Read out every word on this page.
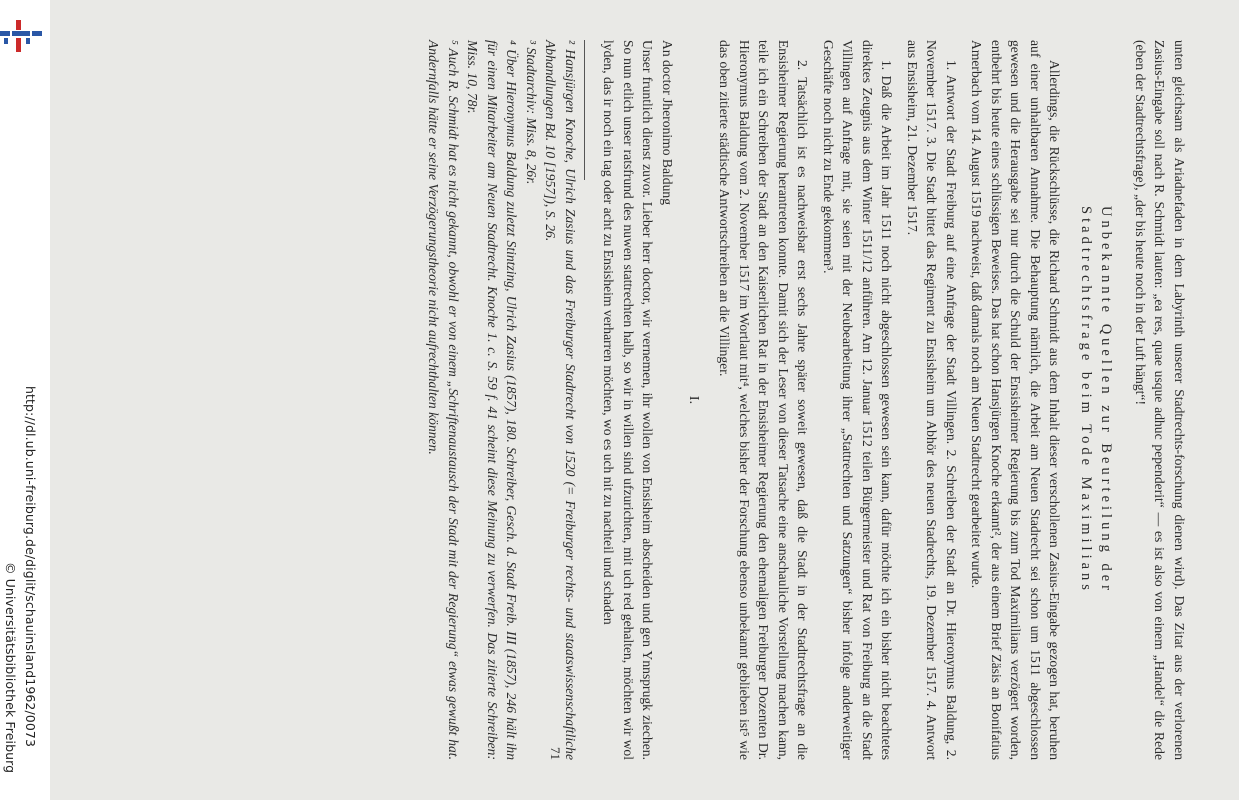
http://dl.ub.uni-freiburg.de/diglit/schauinsland1962/0073
© Universitätsbibliothek Freiburg	unten gleichsam als Ariadnefaden in dem Labyrinth unserer Stadtrechts-forschung dienen wird). Das Zitat aus der verlorenen Zasius-Eingabe soll nach R. Schmidt lauten: „ea res, quae usque adhuc pependerit“ — es ist also von einem „Handel“ die Rede (eben der Stadtrechtsfrage), „der bis heute noch in der Luft hängt“!

Unbekannte Quellen zur Beurteilung der
Stadtrechtsfrage beim Tode Maximilians

Allerdings, die Rückschlüsse, die Richard Schmidt aus dem Inhalt dieser verschollenen Zasius-Eingabe gezogen hat, beruhen auf einer unhaltbaren Annahme. Die Behauptung nämlich, die Arbeit am Neuen Stadrecht sei schon um 1511 abgeschlossen gewesen und die Herausgabe sei nur durch die Schuld der Ensisheimer Regierung bis zum Tod Maximilians verzögert worden, entbehrt bis heute eines schlüssigen Beweises. Das hat schon Hansjürgen Knoche erkannt², der aus einem Brief Zäsis an Bonifatius Amerbach vom 14. August 1519 nachweist, daß damals noch am Neuen Stadtrecht gearbeitet wurde.

1. Antwort der Stadt Freiburg auf eine Anfrage der Stadt Villingen. 2. Schreiben der Stadt an Dr. Hieronymus Baldung, 2. November 1517. 3. Die Stadt bittet das Regiment zu Ensisheim um Abhör des neuen Stadrechts, 19. Dezember 1517. 4. Antwort aus Ensisheim, 21. Dezember 1517.

1. Daß die Arbeit im Jahr 1511 noch nicht abgeschlossen gewesen sein kann, dafür möchte ich ein bisher nicht beachtetes direktes Zeugnis aus dem Winter 1511/12 anführen. Am 12. Januar 1512 teilen Bürgermeister und Rat von Freiburg an die Stadt Villingen auf Anfrage mit, sie seien mit der Neubearbeitung ihrer „Stattrechten und Satzungen“ bisher infolge anderweitiger Geschäfte noch nicht zu Ende gekommen³.

2. Tatsächlich ist es nachweisbar erst sechs Jahre später soweit gewesen, daß die Stadt in der Stadtrechtsfrage an die Ensisheimer Regierung herantreten konnte. Damit sich der Leser von dieser Tatsache eine anschauliche Vorstellung machen kann, teile ich ein Schreiben der Stadt an den Kaiserlichen Rat in der Ensisheimer Regierung den ehemaligen Freiburger Dozenten Dr. Hieronymus Baldung vom 2. November 1517 im Wortlaut mit⁴, welches bisher der Forschung ebenso unbekannt geblieben ist⁵ wie das oben zitierte städtische Antwortschreiben an die Villinger.

I.

An doctor Jheronimo Baldung

Unser fruntlich dienst zuvor. Lieber herr doctor, wir vernemen, ihr wollen von Ensisheim abscheiden und gen Ynnsprugk ziechen. So nun etlich unser ratsfrund des nuwen stattrechten halb, so wir in willen sind ufzurichten, mit uch red gehalten, möchten wir wol lyden, das ir noch ein tag oder acht zu Ensisheim verharren möchten, wo es uch nit zu nachteil und schaden

² Hansjürgen Knoche, Ulrich Zasius und das Freiburger Stadtrecht von 1520 (= Freiburger rechts- und staatswissenschaftliche Abhandlungen Bd. 10 [1957]), S. 26.

³ Stadtarchiv: Miss. 8, 26r.

⁴ Über Hieronymus Baldung zuletzt Stintzing, Ulrich Zasius (1857), 180. Schreiber, Gesch. d. Stadt Freib. III (1857), 246 hält ihn für einen Mitarbeiter am Neuen Stadtrecht. Knoche 1. c. S. 59 f. 41 scheint diese Meinung zu verwerfen. Das zitierte Schreiben: Miss. 10, 78r.

⁵ Auch R. Schmidt hat es nicht gekannt, obwohl er von einem „Schriftenaustausch der Stadt mit der Regierung“ etwas gewußt hat. Andernfalls hätte er seine Verzögerungstheorie nicht aufrechthalten können.

71
